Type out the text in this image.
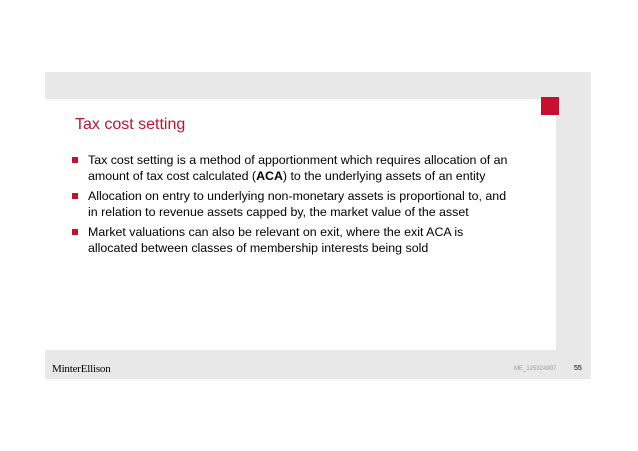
Tax cost setting
Tax cost setting is a method of apportionment which requires allocation of an amount of tax cost calculated (ACA) to the underlying assets of an entity
Allocation on entry to underlying non-monetary assets is proportional to, and in relation to revenue assets capped by, the market value of the asset
Market valuations can also be relevant on exit, where the exit ACA is allocated between classes of membership interests being sold
MinterEllison	ME_125324907	55
